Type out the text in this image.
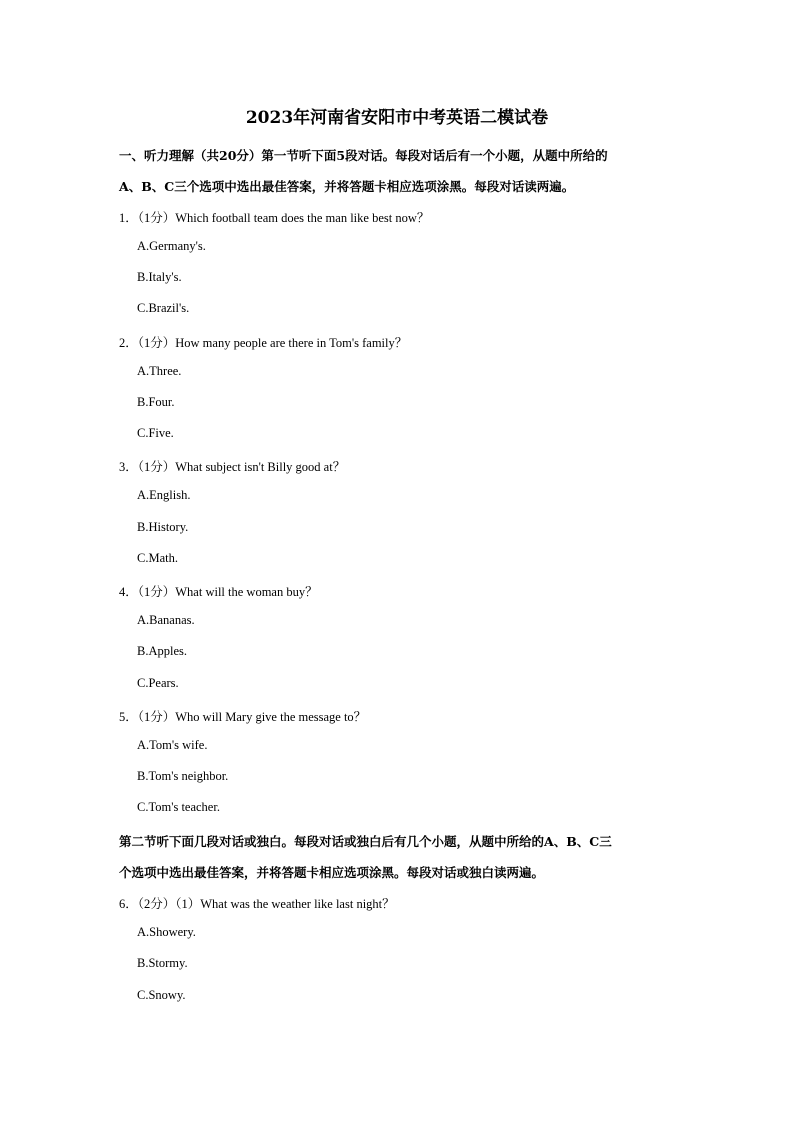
2023年河南省安阳市中考英语二模试卷
一、听力理解（共20分）第一节听下面5段对话。每段对话后有一个小题，从题中所给的
A、B、C三个选项中选出最佳答案，并将答题卡相应选项涂黑。每段对话读两遍。
1．（1分）Which football team does the man like best now？
A.Germany's.
B.Italy's.
C.Brazil's.
2．（1分）How many people are there in Tom's family？
A.Three.
B.Four.
C.Five.
3．（1分）What subject isn't Billy good at？
A.English.
B.History.
C.Math.
4．（1分）What will the woman buy？
A.Bananas.
B.Apples.
C.Pears.
5．（1分）Who will Mary give the message to？
A.Tom's wife.
B.Tom's neighbor.
C.Tom's teacher.
第二节听下面几段对话或独白。每段对话或独白后有几个小题，从题中所给的A、B、C三
个选项中选出最佳答案，并将答题卡相应选项涂黑。每段对话或独白读两遍。
6．（2分）（1）What was the weather like last night？
A.Showery.
B.Stormy.
C.Snowy.
